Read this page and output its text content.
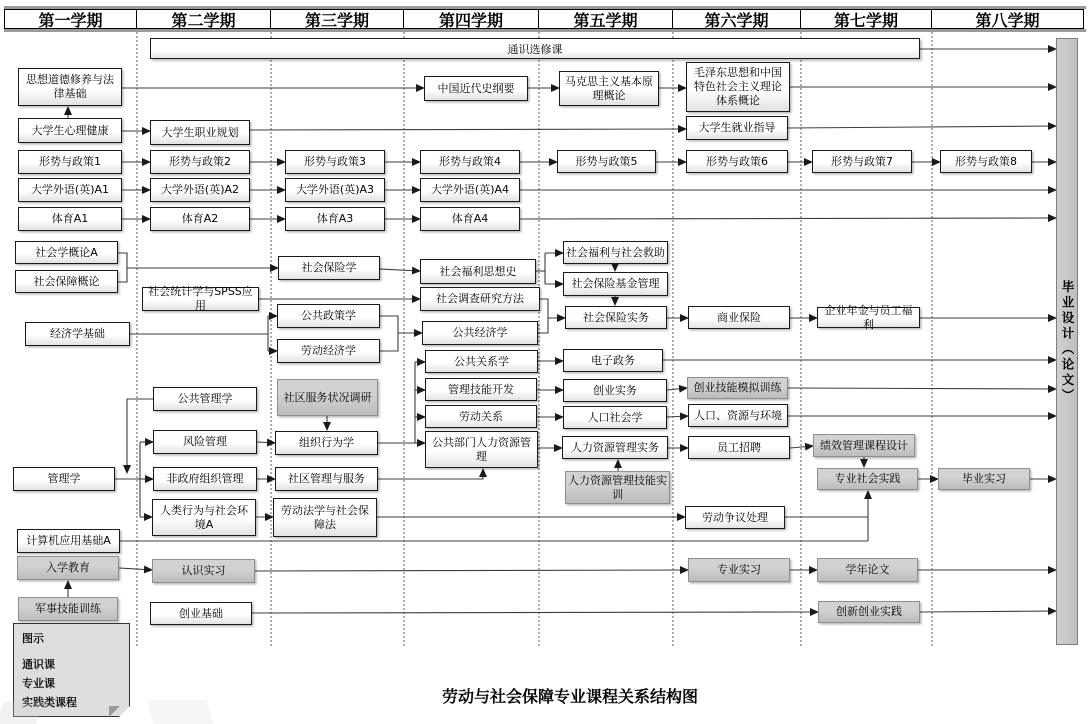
第一学期	第二学期	第三学期	第四学期	第五学期	第六学期	第七学期	第八学期
通识选修课
毕业设计（论文）
思想道德修养与法律基础
大学生心理健康
形势与政策1
大学外语(英)A1
体育A1
社会学概论A
社会保障概论
经济学基础
管理学
计算机应用基础A
入学教育
军事技能训练
大学生职业规划
形势与政策2
大学外语(英)A2
体育A2
社会统计学与SPSS应用
公共管理学
风险管理
非政府组织管理
人类行为与社会环境A
认识实习
创业基础
形势与政策3
大学外语(英)A3
体育A3
社会保险学
公共政策学
劳动经济学
社区服务状况调研
组织行为学
社区管理与服务
劳动法学与社会保障法
中国近代史纲要
形势与政策4
大学外语(英)A4
体育A4
社会福利思想史
社会调查研究方法
公共经济学
公共关系学
管理技能开发
劳动关系
公共部门人力资源管理
马克思主义基本原理概论
形势与政策5
社会福利与社会救助
社会保险基金管理
社会保险实务
电子政务
创业实务
人口社会学
人力资源管理实务
人力资源管理技能实训
毛泽东思想和中国特色社会主义理论体系概论
大学生就业指导
形势与政策6
商业保险
创业技能模拟训练
人口、资源与环境
员工招聘
劳动争议处理
专业实习
形势与政策7
企业年金与员工福利
绩效管理课程设计
专业社会实践
学年论文
创新创业实践
形势与政策8
毕业实习
图示
通识课
专业课
实践类课程	劳动与社会保障专业课程关系结构图
